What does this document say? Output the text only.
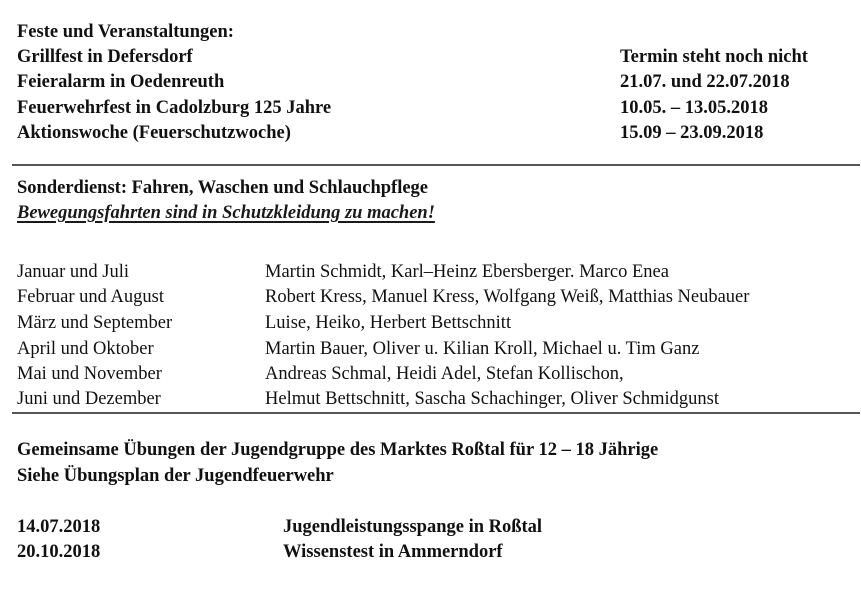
Feste und Veranstaltungen:
Grillfest in Defersdorf	Termin steht noch nicht
Feieralarm in Oedenreuth	21.07. und 22.07.2018
Feuerwehrfest in Cadolzburg 125 Jahre	10.05. – 13.05.2018
Aktionswoche (Feuerschutzwoche)	15.09 – 23.09.2018
Sonderdienst: Fahren, Waschen und Schlauchpflege
Bewegungsfahrten sind in Schutzkleidung zu machen!
Januar und Juli	Martin Schmidt, Karl–Heinz Ebersberger. Marco Enea
Februar und August	Robert Kress, Manuel Kress, Wolfgang Weiß, Matthias Neubauer
März und September	Luise, Heiko, Herbert Bettschnitt
April und Oktober	Martin Bauer, Oliver u. Kilian Kroll, Michael u. Tim Ganz
Mai und November	Andreas Schmal, Heidi Adel, Stefan Kollischon,
Juni und Dezember	Helmut Bettschnitt, Sascha Schachinger, Oliver Schmidgunst
Gemeinsame Übungen der Jugendgruppe des Marktes Roßtal für 12 – 18 Jährige
Siehe Übungsplan der Jugendfeuerwehr
14.07.2018	Jugendleistungsspange in Roßtal
20.10.2018	Wissenstest in Ammerndorf
